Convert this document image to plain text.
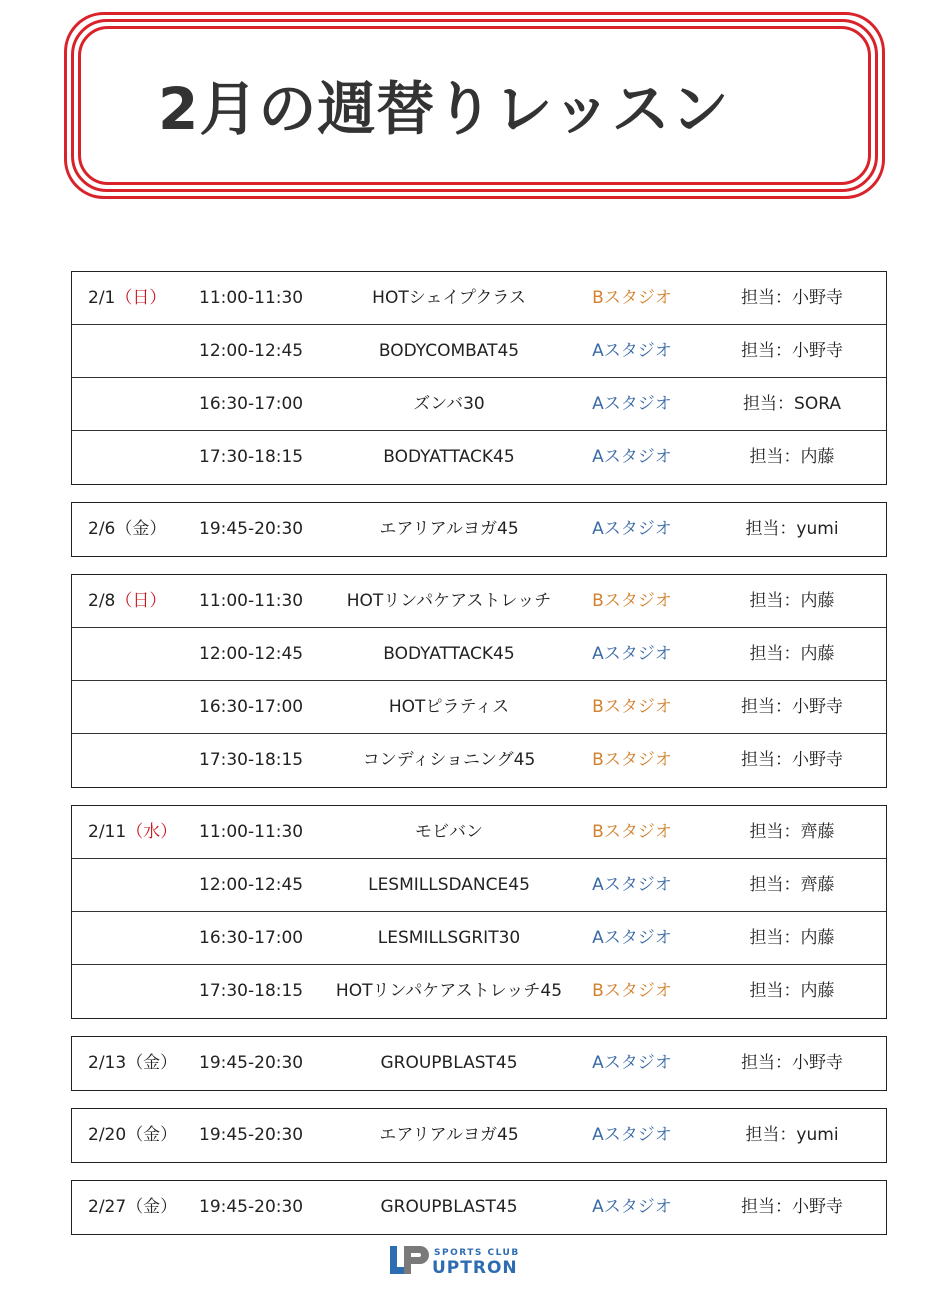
2月の週替りレッスン
2/1（日） 11:00-11:30	HOTシェイプクラス	Bスタジオ	担当：小野寺
12:00-12:45	BODYCOMBAT45	Aスタジオ	担当：小野寺
16:30-17:00	ズンバ30	Aスタジオ	担当：SORA
17:30-18:15	BODYATTACK45	Aスタジオ	担当：内藤
2/6（金） 19:45-20:30	エアリアルヨガ45	Aスタジオ	担当：yumi
2/8（日） 11:00-11:30	HOTリンパケアストレッチ	Bスタジオ	担当：内藤
12:00-12:45	BODYATTACK45	Aスタジオ	担当：内藤
16:30-17:00	HOTピラティス	Bスタジオ	担当：小野寺
17:30-18:15	コンディショニング45	Bスタジオ	担当：小野寺
2/11（水） 11:00-11:30	モビバン	Bスタジオ	担当：齊藤
12:00-12:45	LESMILLSDANCE45	Aスタジオ	担当：齊藤
16:30-17:00	LESMILLSGRIT30	Aスタジオ	担当：内藤
17:30-18:15	HOTリンパケアストレッチ45	Bスタジオ	担当：内藤
2/13（金） 19:45-20:30	GROUPBLAST45	Aスタジオ	担当：小野寺
2/20（金） 19:45-20:30	エアリアルヨガ45	Aスタジオ	担当：yumi
2/27（金） 19:45-20:30	GROUPBLAST45	Aスタジオ	担当：小野寺
SPORTS CLUB
UPTRON
